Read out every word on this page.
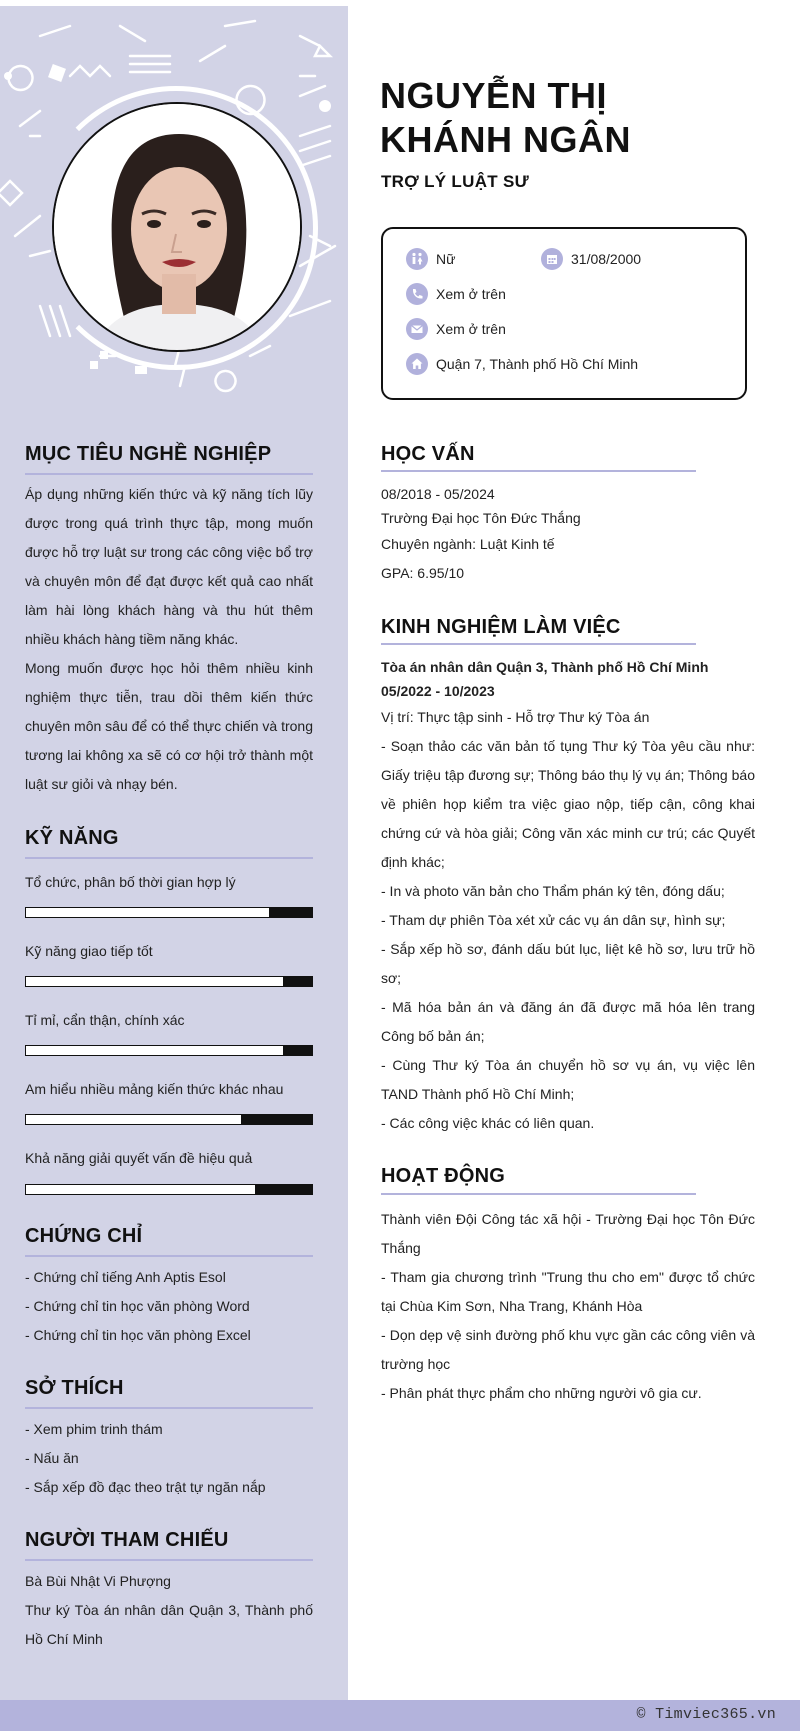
NGUYỄN THỊ
KHÁNH NGÂN
TRỢ LÝ LUẬT SƯ
Nữ	31/08/2000
Xem ở trên
Xem ở trên
Quận 7, Thành phố Hồ Chí Minh
MỤC TIÊU NGHỀ NGHIỆP
Áp dụng những kiến thức và kỹ năng tích lũy được trong quá trình thực tập, mong muốn được hỗ trợ luật sư trong các công việc bổ trợ và chuyên môn để đạt được kết quả cao nhất làm hài lòng khách hàng và thu hút thêm nhiều khách hàng tiềm năng khác.
Mong muốn được học hỏi thêm nhiều kinh nghiệm thực tiễn, trau dồi thêm kiến thức chuyên môn sâu để có thể thực chiến và trong tương lai không xa sẽ có cơ hội trở thành một luật sư giỏi và nhạy bén.
KỸ NĂNG
Tổ chức, phân bố thời gian hợp lý
Kỹ năng giao tiếp tốt
Tỉ mỉ, cẩn thận, chính xác
Am hiểu nhiều mảng kiến thức khác nhau
Khả năng giải quyết vấn đề hiệu quả
CHỨNG CHỈ
- Chứng chỉ tiếng Anh Aptis Esol
- Chứng chỉ tin học văn phòng Word
- Chứng chỉ tin học văn phòng Excel
SỞ THÍCH
- Xem phim trinh thám
- Nấu ăn
- Sắp xếp đồ đạc theo trật tự ngăn nắp
NGƯỜI THAM CHIẾU
Bà Bùi Nhật Vi Phượng
Thư ký Tòa án nhân dân Quận 3, Thành phố Hồ Chí Minh
HỌC VẤN
08/2018 - 05/2024
Trường Đại học Tôn Đức Thắng
Chuyên ngành: Luật Kinh tế
GPA: 6.95/10
KINH NGHIỆM LÀM VIỆC
Tòa án nhân dân Quận 3, Thành phố Hồ Chí Minh
05/2022 - 10/2023
Vị trí: Thực tập sinh - Hỗ trợ Thư ký Tòa án
- Soạn thảo các văn bản tố tụng Thư ký Tòa yêu cầu như: Giấy triệu tập đương sự; Thông báo thụ lý vụ án; Thông báo về phiên họp kiểm tra việc giao nộp, tiếp cận, công khai chứng cứ và hòa giải; Công văn xác minh cư trú; các Quyết định khác;
- In và photo văn bản cho Thẩm phán ký tên, đóng dấu;
- Tham dự phiên Tòa xét xử các vụ án dân sự, hình sự;
- Sắp xếp hồ sơ, đánh dấu bút lục, liệt kê hồ sơ, lưu trữ hồ sơ;
- Mã hóa bản án và đăng án đã được mã hóa lên trang Công bố bản án;
- Cùng Thư ký Tòa án chuyển hồ sơ vụ án, vụ việc lên TAND Thành phố Hồ Chí Minh;
- Các công việc khác có liên quan.
HOẠT ĐỘNG
Thành viên Đội Công tác xã hội - Trường Đại học Tôn Đức Thắng
- Tham gia chương trình "Trung thu cho em" được tổ chức tại Chùa Kim Sơn, Nha Trang, Khánh Hòa
- Dọn dẹp vệ sinh đường phố khu vực gần các công viên và trường học
- Phân phát thực phẩm cho những người vô gia cư.
© Timviec365.vn
